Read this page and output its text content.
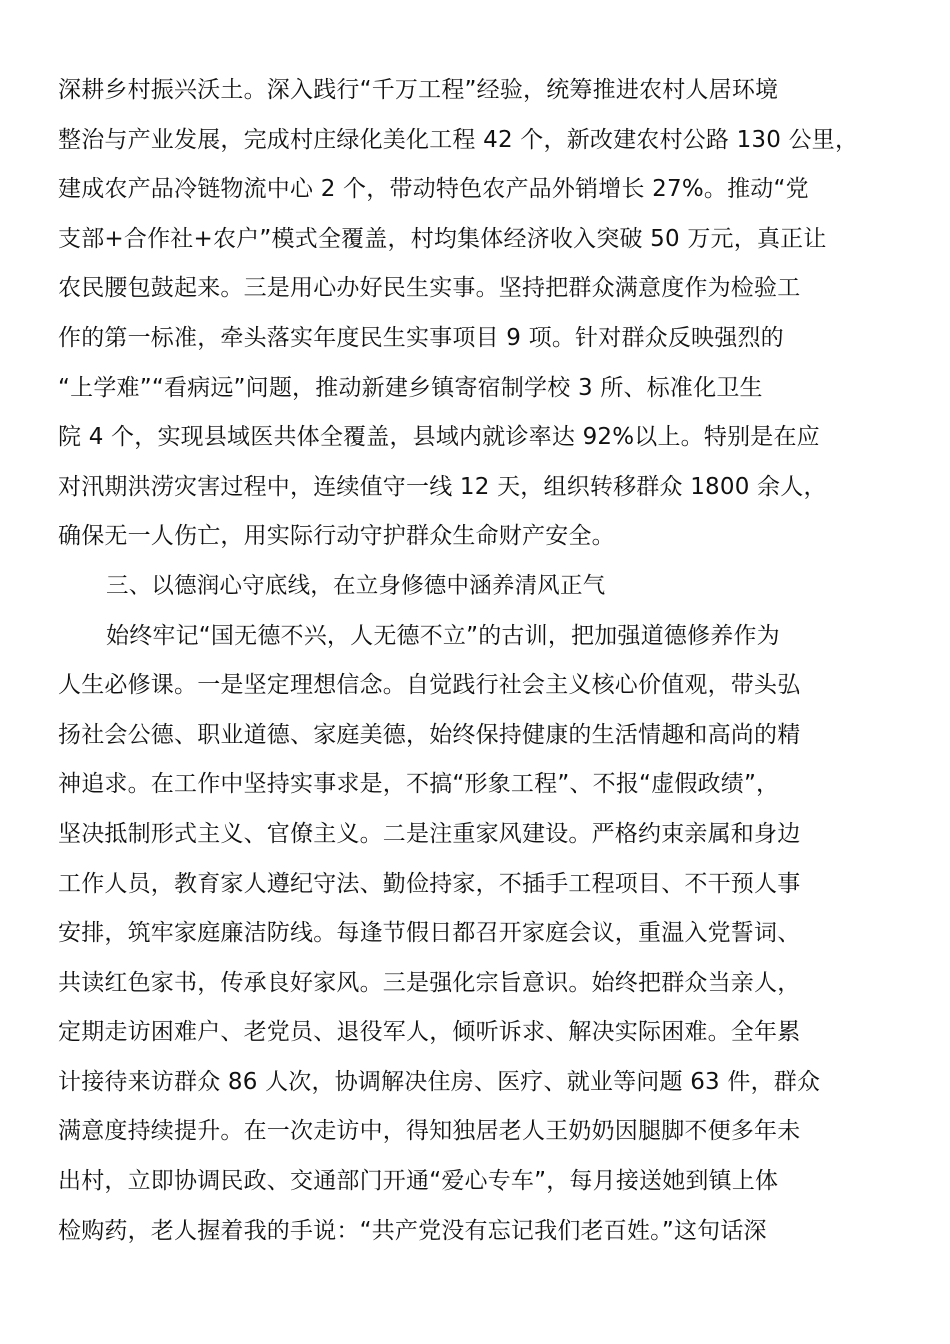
深耕乡村振兴沃土。深入践行“千万工程”经验，统筹推进农村人居环境
整治与产业发展，完成村庄绿化美化工程 42 个，新改建农村公路 130 公里，
建成农产品冷链物流中心 2 个，带动特色农产品外销增长 27%。推动“党
支部+合作社+农户”模式全覆盖，村均集体经济收入突破 50 万元，真正让
农民腰包鼓起来。三是用心办好民生实事。坚持把群众满意度作为检验工
作的第一标准，牵头落实年度民生实事项目 9 项。针对群众反映强烈的
“上学难”“看病远”问题，推动新建乡镇寄宿制学校 3 所、标准化卫生
院 4 个，实现县域医共体全覆盖，县域内就诊率达 92%以上。特别是在应
对汛期洪涝灾害过程中，连续值守一线 12 天，组织转移群众 1800 余人，
确保无一人伤亡，用实际行动守护群众生命财产安全。
三、以德润心守底线，在立身修德中涵养清风正气
始终牢记“国无德不兴，人无德不立”的古训，把加强道德修养作为
人生必修课。一是坚定理想信念。自觉践行社会主义核心价值观，带头弘
扬社会公德、职业道德、家庭美德，始终保持健康的生活情趣和高尚的精
神追求。在工作中坚持实事求是，不搞“形象工程”、不报“虚假政绩”，
坚决抵制形式主义、官僚主义。二是注重家风建设。严格约束亲属和身边
工作人员，教育家人遵纪守法、勤俭持家，不插手工程项目、不干预人事
安排，筑牢家庭廉洁防线。每逢节假日都召开家庭会议，重温入党誓词、
共读红色家书，传承良好家风。三是强化宗旨意识。始终把群众当亲人，
定期走访困难户、老党员、退役军人，倾听诉求、解决实际困难。全年累
计接待来访群众 86 人次，协调解决住房、医疗、就业等问题 63 件，群众
满意度持续提升。在一次走访中，得知独居老人王奶奶因腿脚不便多年未
出村，立即协调民政、交通部门开通“爱心专车”，每月接送她到镇上体
检购药，老人握着我的手说：“共产党没有忘记我们老百姓。”这句话深
